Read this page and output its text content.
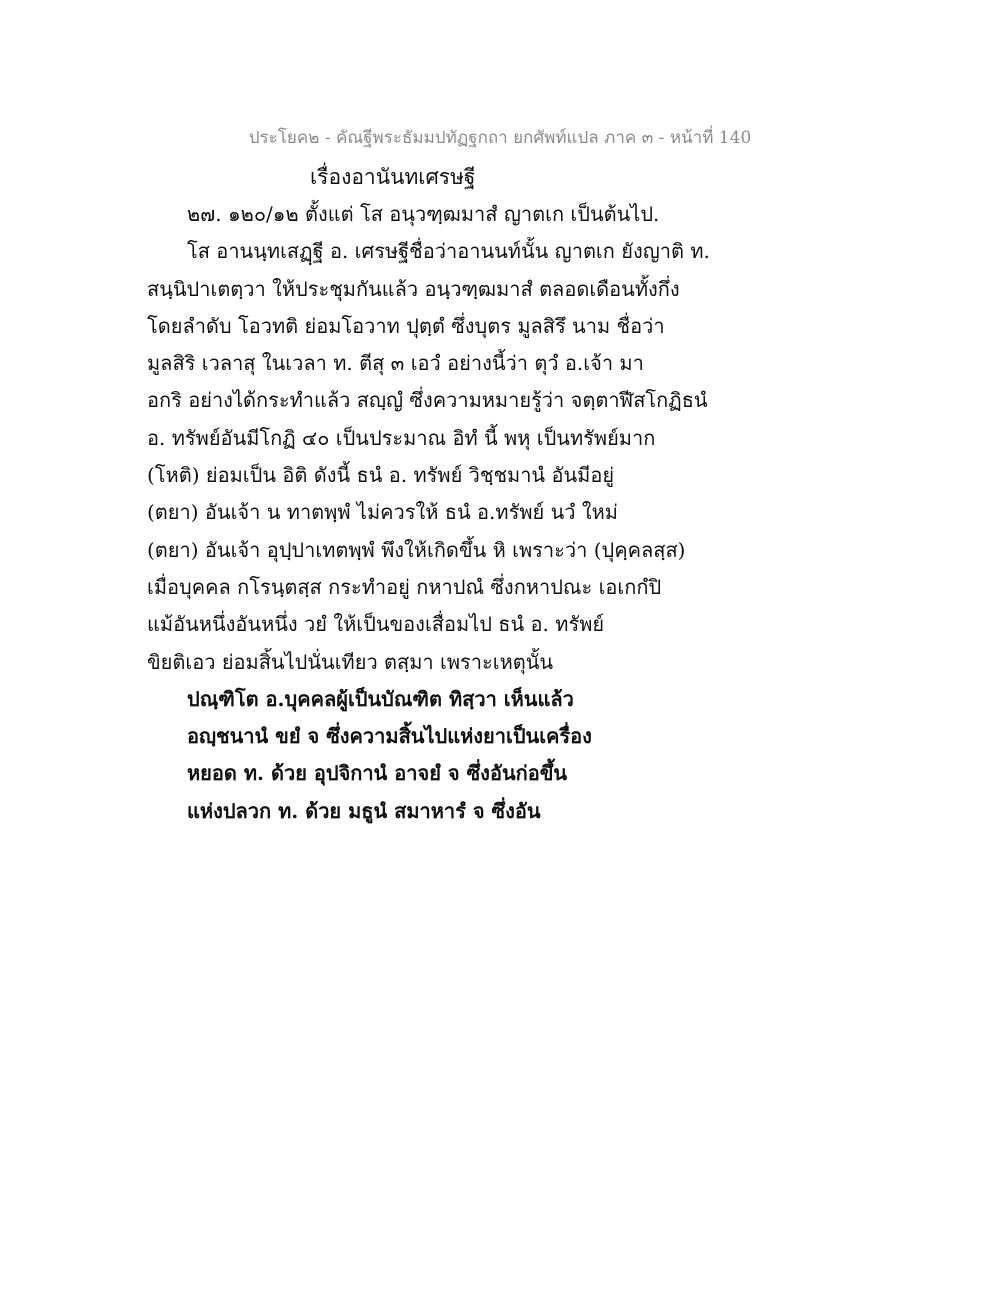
ประโยค๒ - คัณฐีพระธัมมปทัฏฐกถา ยกศัพท์แปล ภาค ๓ - หน้าที่ 140
เรื่องอานันทเศรษฐี
๒๗. ๑๒๐/๑๒ ตั้งแต่ โส อนุวฑฺฒมาสํ ญาตเก เป็นต้นไป.
โส อานนฺทเสฏฺฐี อ. เศรษฐีชื่อว่าอานนท์นั้น ญาตเก ยังญาติ ท.
สนฺนิปาเตตฺวา ให้ประชุมกันแล้ว อนฺวฑฺฒมาสํ ตลอดเดือนทั้งกึ่ง
โดยลำดับ โอวทติ ย่อมโอวาท ปุตฺตํ ซึ่งบุตร มูลสิรึ นาม ชื่อว่า
มูลสิริ เวลาสุ ในเวลา ท. ตีสุ ๓ เอวํ อย่างนี้ว่า ตุวํ อ.เจ้า มา
อกริ อย่างได้กระทำแล้ว สญฺญํ ซึ่งความหมายรู้ว่า จตฺตาฬีสโกฏิธนํ
อ. ทรัพย์อันมีโกฏิ ๔๐ เป็นประมาณ อิทํ นี้ พหุ เป็นทรัพย์มาก
(โหติ) ย่อมเป็น อิติ ดังนี้ ธนํ อ. ทรัพย์ วิชฺชมานํ อันมีอยู่
(ตยา) อันเจ้า น ทาตพฺพํ ไม่ควรให้ ธนํ อ.ทรัพย์ นวํ ใหม่
(ตยา) อันเจ้า อุปฺปาเทตพฺพํ พึงให้เกิดขึ้น หิ เพราะว่า (ปุคฺคลสฺส)
เมื่อบุคคล กโรนฺตสฺส กระทำอยู่ กหาปณํ ซึ่งกหาปณะ เอเกกํปิ
แม้อันหนึ่งอันหนึ่ง วยํ ให้เป็นของเสื่อมไป ธนํ อ. ทรัพย์
ขิยติเอว ย่อมสิ้นไปนั่นเทียว ตสฺมา เพราะเหตุนั้น
ปณฺฑิโต อ.บุคคลผู้เป็นบัณฑิต ทิสฺวา เห็นแล้ว
อญฺชนานํ ขยํ จ ซึ่งความสิ้นไปแห่งยาเป็นเครื่อง
หยอด ท. ด้วย อุปจิกานํ อาจยํ จ ซึ่งอันก่อขึ้น
แห่งปลวก ท. ด้วย มธูนํ สมาหารํ จ ซึ่งอัน
